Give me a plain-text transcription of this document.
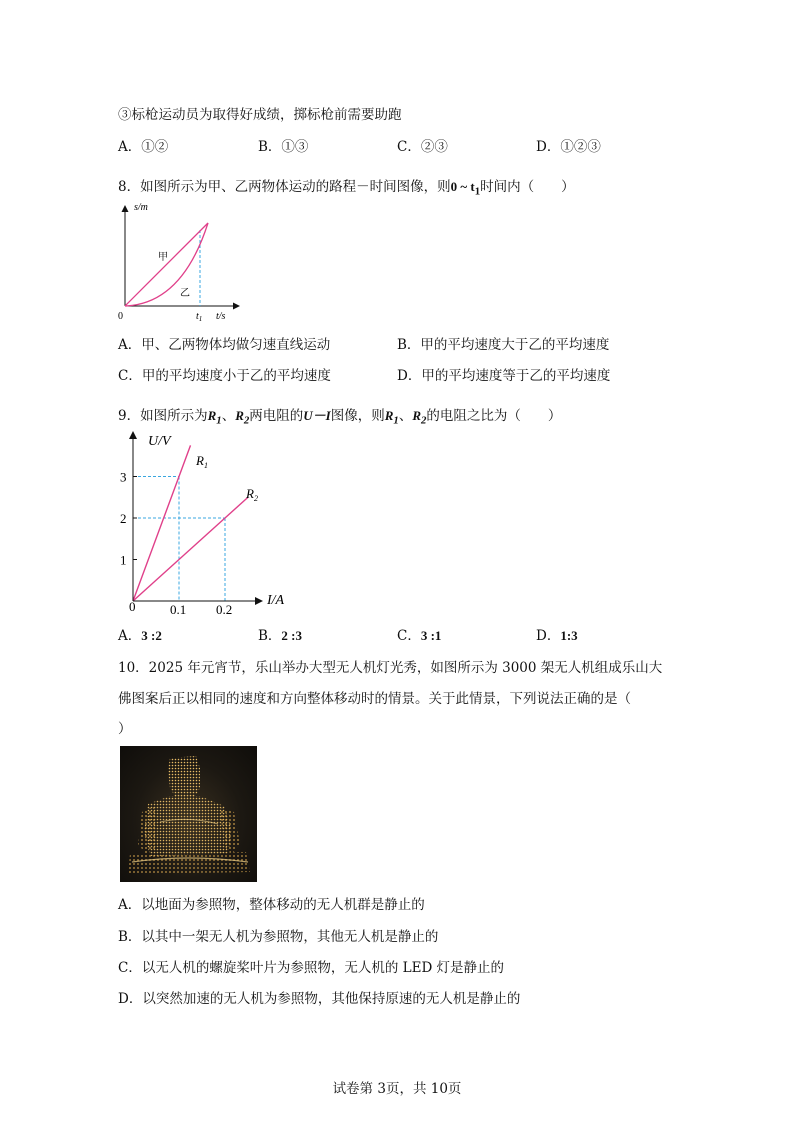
③标枪运动员为取得好成绩，掷标枪前需要助跑
A．①②	B．①③	C．②③	D．①②③
8．如图所示为甲、乙两物体运动的路程－时间图像，则0 ~ $t_1$时间内（　　）
s/m
t/s
0	$t_1$
甲
乙
A．甲、乙两物体均做匀速直线运动	B．甲的平均速度大于乙的平均速度
C．甲的平均速度小于乙的平均速度	D．甲的平均速度等于乙的平均速度
9．如图所示为$R_1$、$R_2$两电阻的U－I图像，则$R_1$、$R_2$的电阻之比为（　　）
1
2
3
0.1 0.2
U/V
I/A
0
$R_1$
$R_2$
A．3 :2	B．2 :3	C．3 :1	D．1:3
10．2025 年元宵节，乐山举办大型无人机灯光秀，如图所示为 3000 架无人机组成乐山大
佛图案后正以相同的速度和方向整体移动时的情景。关于此情景，下列说法正确的是（
）
A．以地面为参照物，整体移动的无人机群是静止的
B．以其中一架无人机为参照物，其他无人机是静止的
C．以无人机的螺旋桨叶片为参照物，无人机的 LED 灯是静止的
D．以突然加速的无人机为参照物，其他保持原速的无人机是静止的
试卷第 3页，共 10页
